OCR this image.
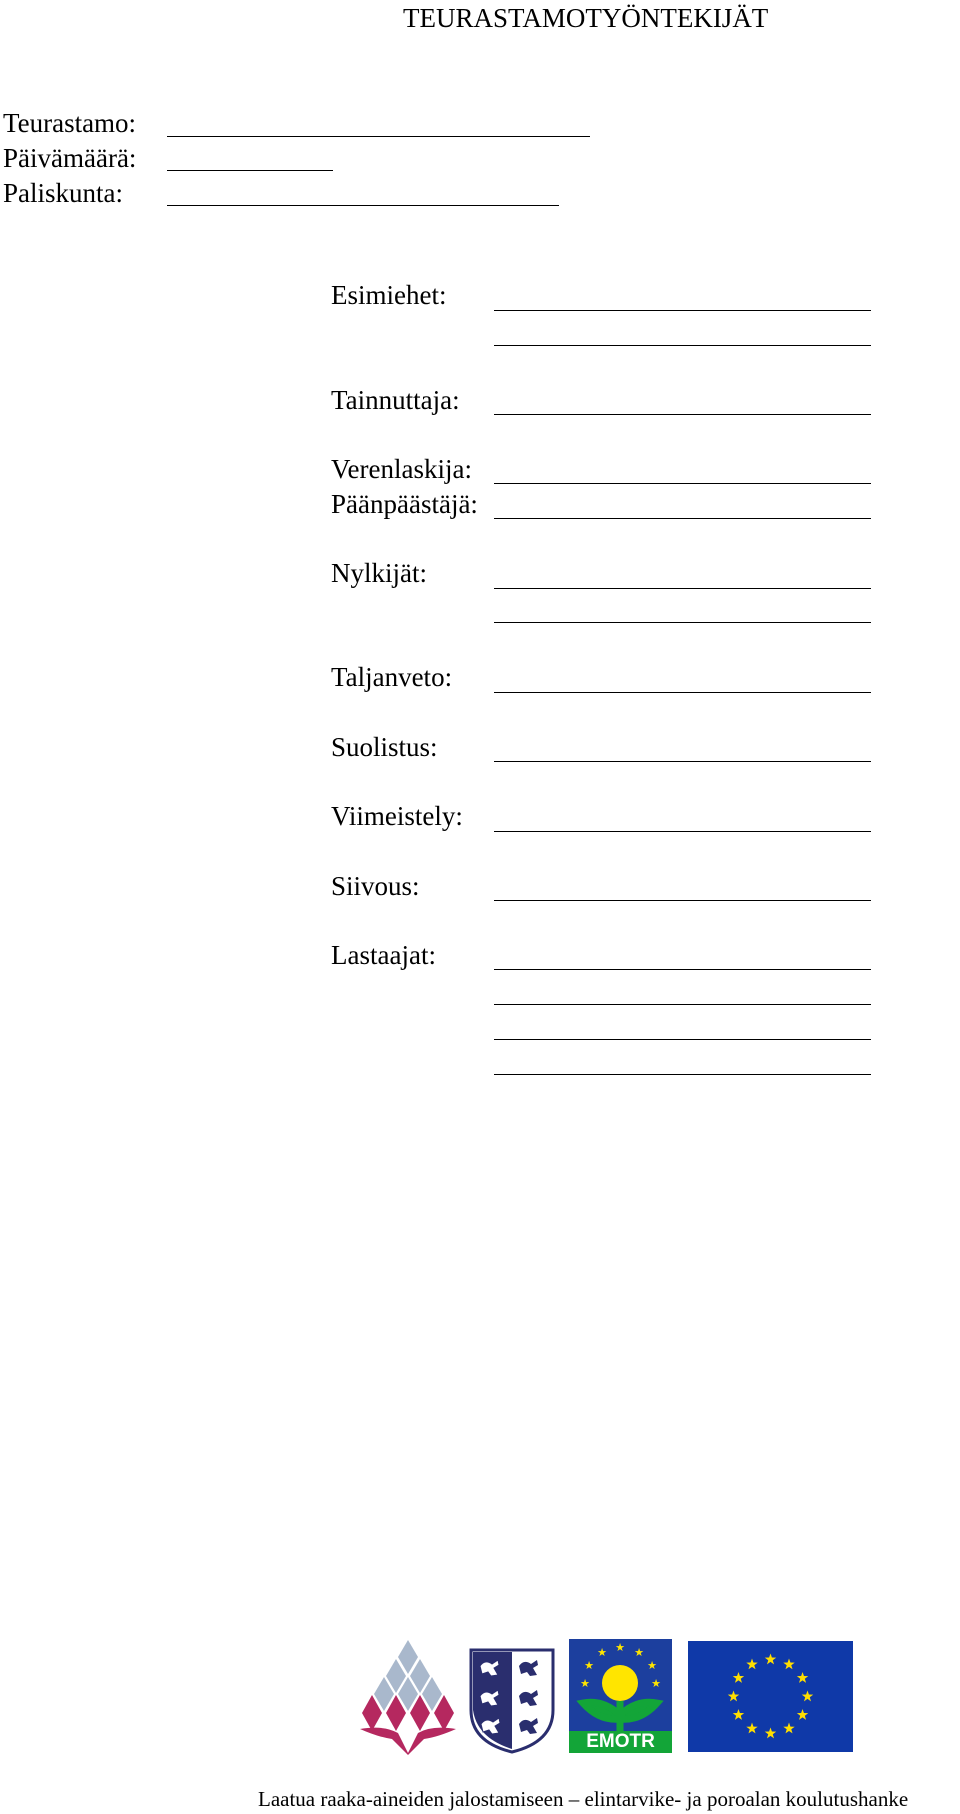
TEURASTAMOTYÖNTEKIJÄT
Teurastamo:
Päivämäärä:
Paliskunta:
Esimiehet:
Tainnuttaja:
Verenlaskija:
Päänpäästäjä:
Nylkijät:
Taljanveto:
Suolistus:
Viimeistely:
Siivous:
Lastaajat:
★ ★
★
★
★
★
★
EMOTR
Laatua raaka-aineiden jalostamiseen – elintarvike- ja poroalan koulutushanke
